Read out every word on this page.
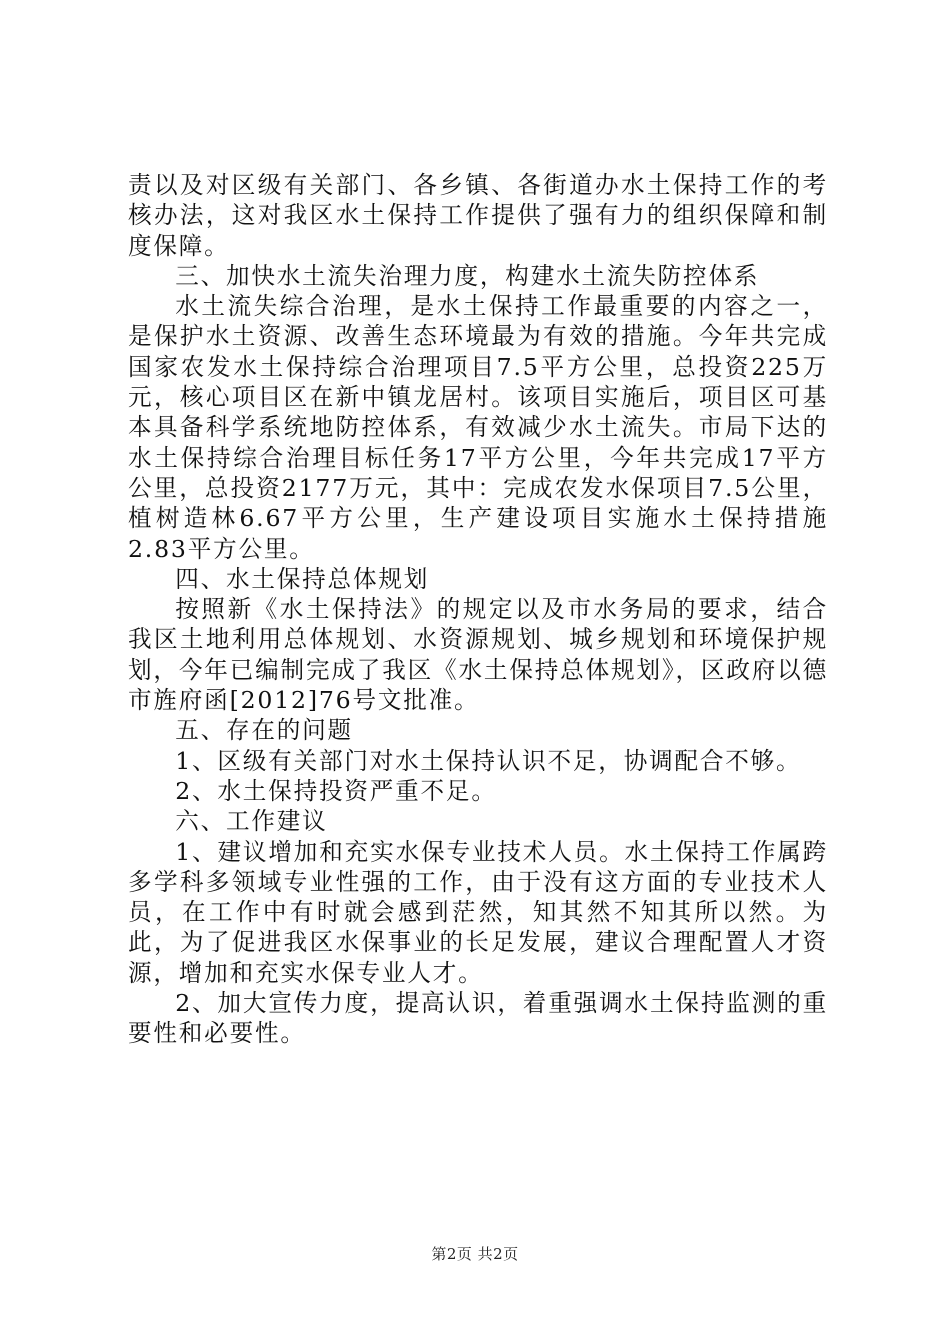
责以及对区级有关部门、各乡镇、各街道办水土保持工作的考核办法，这对我区水土保持工作提供了强有力的组织保障和制度保障。

三、加快水土流失治理力度，构建水土流失防控体系

水土流失综合治理，是水土保持工作最重要的内容之一，是保护水土资源、改善生态环境最为有效的措施。今年共完成国家农发水土保持综合治理项目7.5平方公里，总投资225万元，核心项目区在新中镇龙居村。该项目实施后，项目区可基本具备科学系统地防控体系，有效减少水土流失。市局下达的水土保持综合治理目标任务17平方公里，今年共完成17平方公里，总投资2177万元，其中：完成农发水保项目7.5公里，植树造林6.67平方公里，生产建设项目实施水土保持措施2.83平方公里。

四、水土保持总体规划

按照新《水土保持法》的规定以及市水务局的要求，结合我区土地利用总体规划、水资源规划、城乡规划和环境保护规划，今年已编制完成了我区《水土保持总体规划》，区政府以德市旌府函[2012]76号文批准。

五、存在的问题

1、区级有关部门对水土保持认识不足，协调配合不够。

2、水土保持投资严重不足。

六、工作建议

1、建议增加和充实水保专业技术人员。水土保持工作属跨多学科多领域专业性强的工作，由于没有这方面的专业技术人员，在工作中有时就会感到茫然，知其然不知其所以然。为此，为了促进我区水保事业的长足发展，建议合理配置人才资源，增加和充实水保专业人才。

2、加大宣传力度，提高认识，着重强调水土保持监测的重要性和必要性。

第2页 共2页
